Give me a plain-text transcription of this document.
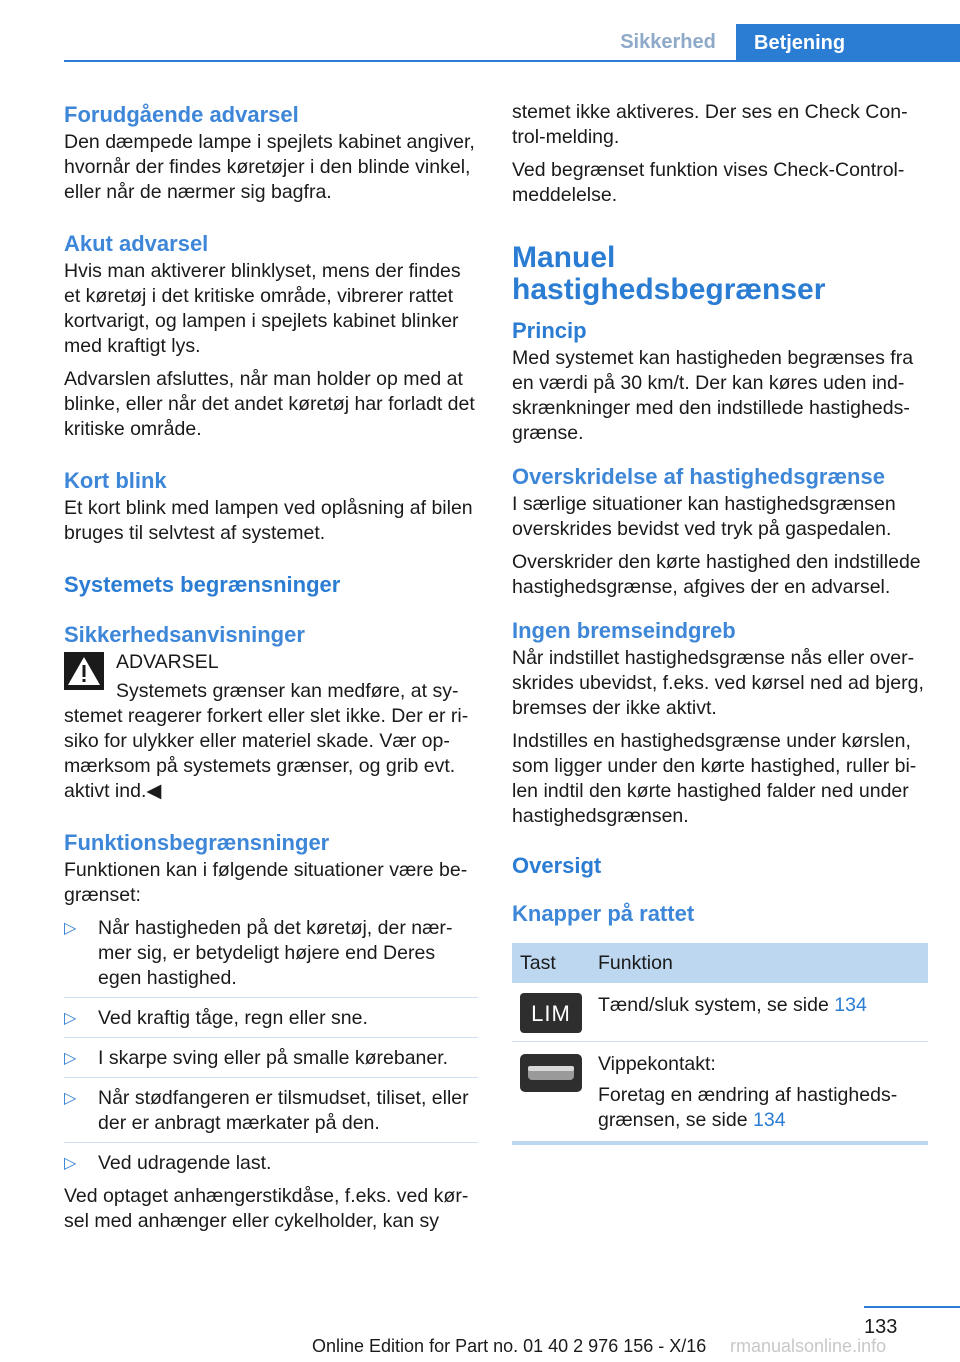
Sikkerhed	Betjening
Forudgående advarsel

Den dæmpede lampe i spejlets kabinet angiver, hvornår der findes køretøjer i den blinde vinkel, eller når de nærmer sig bagfra.

Akut advarsel

Hvis man aktiverer blinklyset, mens der findes et køretøj i det kritiske område, vibrerer rattet kortvarigt, og lampen i spejlets kabinet blinker med kraftigt lys.

Advarslen afsluttes, når man holder op med at blinke, eller når det andet køretøj har forladt det kritiske område.

Kort blink

Et kort blink med lampen ved oplåsning af bilen bruges til selvtest af systemet.

Systemets begrænsninger
Sikkerhedsanvisninger

ADVARSEL

Systemets grænser kan medføre, at systemet reagerer forkert eller slet ikke. Der er risiko for ulykker eller materiel skade. Vær opmærksom på systemets grænser, og grib evt. aktivt ind.◀

Funktionsbegrænsninger

Funktionen kan i følgende situationer være begrænset:

▷ Når hastigheden på det køretøj, der nærmer sig, er betydeligt højere end Deres egen hastighed.
▷ Ved kraftig tåge, regn eller sne.
▷ I skarpe sving eller på smalle kørebaner.
▷ Når stødfangeren er tilsmudset, tiliset, eller der er anbragt mærkater på den.
▷ Ved udragende last.

Ved optaget anhængerstikdåse, f.eks. ved kørsel med anhænger eller cykelholder, kan sy

stemet ikke aktiveres. Der ses en Check Control-melding.

Ved begrænset funktion vises Check-Control-meddelelse.

Manuel hastighedsbegrænser
Princip

Med systemet kan hastigheden begrænses fra en værdi på 30 km/t. Der kan køres uden indskrænkninger med den indstillede hastighedsgrænse.

Overskridelse af hastighedsgrænse

I særlige situationer kan hastighedsgrænsen overskrides bevidst ved tryk på gaspedalen.

Overskrider den kørte hastighed den indstillede hastighedsgrænse, afgives der en advarsel.

Ingen bremseindgreb

Når indstillet hastighedsgrænse nås eller overskrides ubevidst, f.eks. ved kørsel ned ad bjerg, bremses der ikke aktivt.

Indstilles en hastighedsgrænse under kørslen, som ligger under den kørte hastighed, ruller bilen indtil den kørte hastighed falder ned under hastighedsgrænsen.

Oversigt
Knapper på rattet
Tast	Funktion

LIM	Tænd/sluk system, se side 134

Vippekontakt:

Foretag en ændring af hastighedsgrænsen, se side 134
133
Online Edition for Part no. 01 40 2 976 156 - X/16 rmanualsonline.info
